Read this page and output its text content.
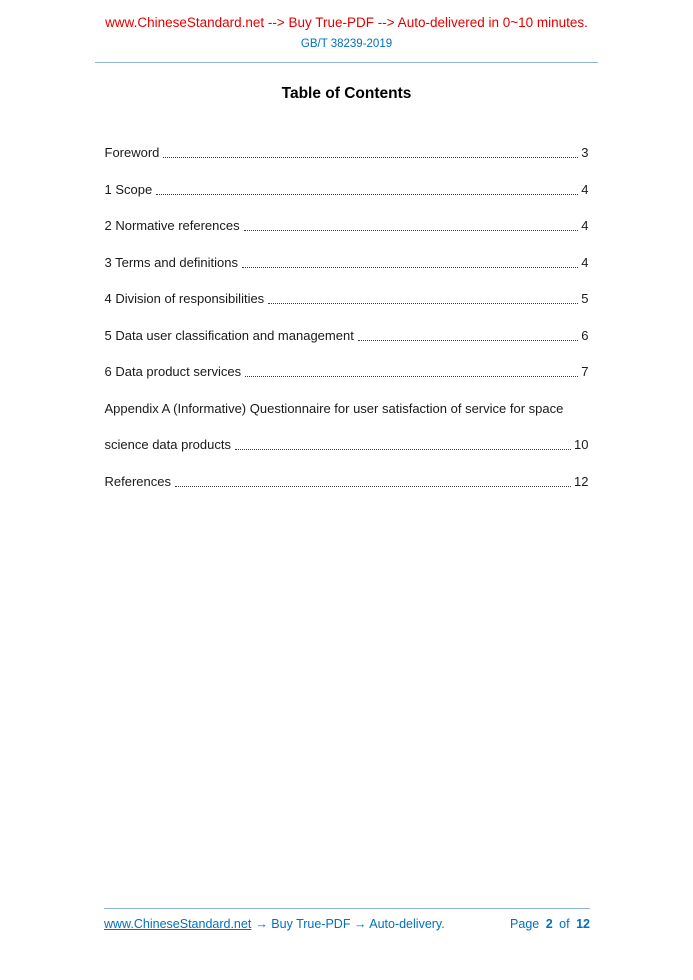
www.ChineseStandard.net --> Buy True-PDF --> Auto-delivered in 0~10 minutes.
GB/T 38239-2019
Table of Contents
Foreword	3
1 Scope	4
2 Normative references	4
3 Terms and definitions	4
4 Division of responsibilities	5
5 Data user classification and management	6
6 Data product services	7
Appendix A (Informative) Questionnaire for user satisfaction of service for space
science data products	10
References	12
www.ChineseStandard.net → Buy True-PDF → Auto-delivery.	Page 2 of 12
